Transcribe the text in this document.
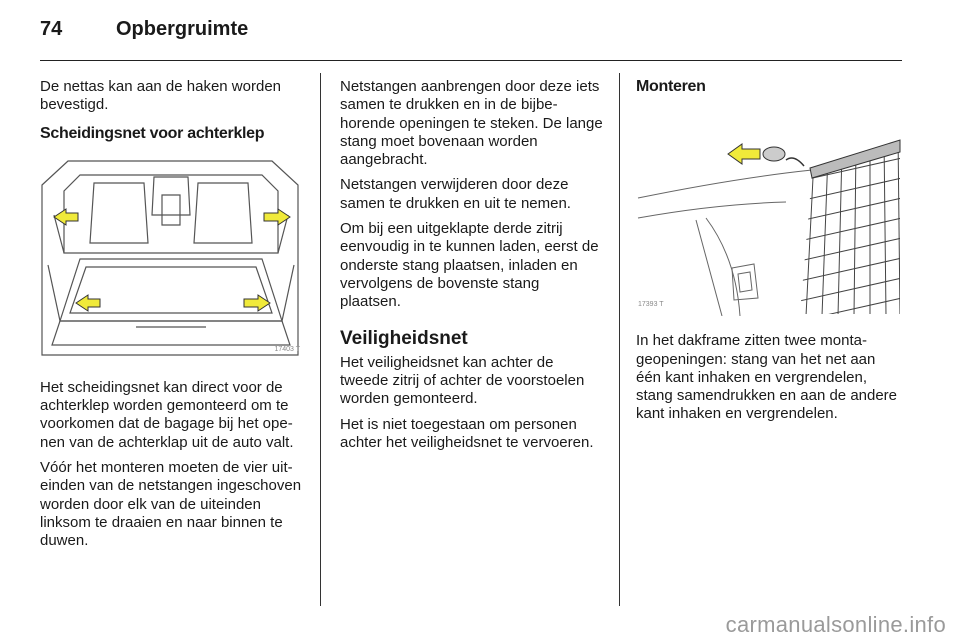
74	Opbergruimte

De nettas kan aan de haken worden bevestigd.

Scheidingsnet voor achterklep
17403 T

Het scheidingsnet kan direct voor de achterklep worden gemonteerd om te voorkomen dat de bagage bij het openen van de achterklap uit de auto valt.

Vóór het monteren moeten de vier uiteinden van de netstangen ingeschoven worden door elk van de uiteinden linksom te draaien en naar binnen te duwen.

Netstangen aanbrengen door deze iets samen te drukken en in de bijbehorende openingen te steken. De lange stang moet bovenaan worden aangebracht.

Netstangen verwijderen door deze samen te drukken en uit te nemen.

Om bij een uitgeklapte derde zitrij eenvoudig in te kunnen laden, eerst de onderste stang plaatsen, inladen en vervolgens de bovenste stang plaatsen.

Veiligheidsnet

Het veiligheidsnet kan achter de tweede zitrij of achter de voorstoelen worden gemonteerd.

Het is niet toegestaan om personen achter het veiligheidsnet te vervoeren.

Monteren
17393 T

In het dakframe zitten twee montageopeningen: stang van het net aan één kant inhaken en vergrendelen, stang samendrukken en aan de andere kant inhaken en vergrendelen.

carmanualsonline.info
